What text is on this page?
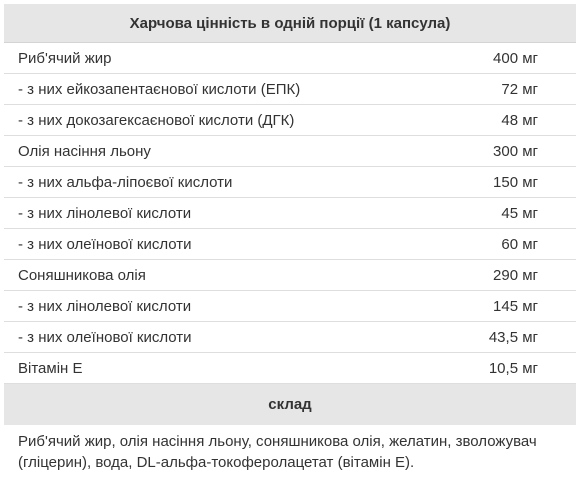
Харчова цінність в одній порції (1 капсула)
Риб'ячий жир	400 мг
- з них ейкозапентаєнової кислоти (ЕПК)	72 мг
- з них докозагексаєнової кислоти (ДГК)	48 мг
Олія насіння льону	300 мг
- з них альфа-ліпоєвої кислоти	150 мг
- з них лінолевої кислоти	45 мг
- з них олеїнової кислоти	60 мг
Соняшникова олія	290 мг
- з них лінолевої кислоти	145 мг
- з них олеїнової кислоти	43,5 мг
Вітамін Е	10,5 мг
склад
Риб'ячий жир, олія насіння льону, соняшникова олія, желатин, зволожувач (гліцерин), вода, DL-альфа-токоферолацетат (вітамін Е).
